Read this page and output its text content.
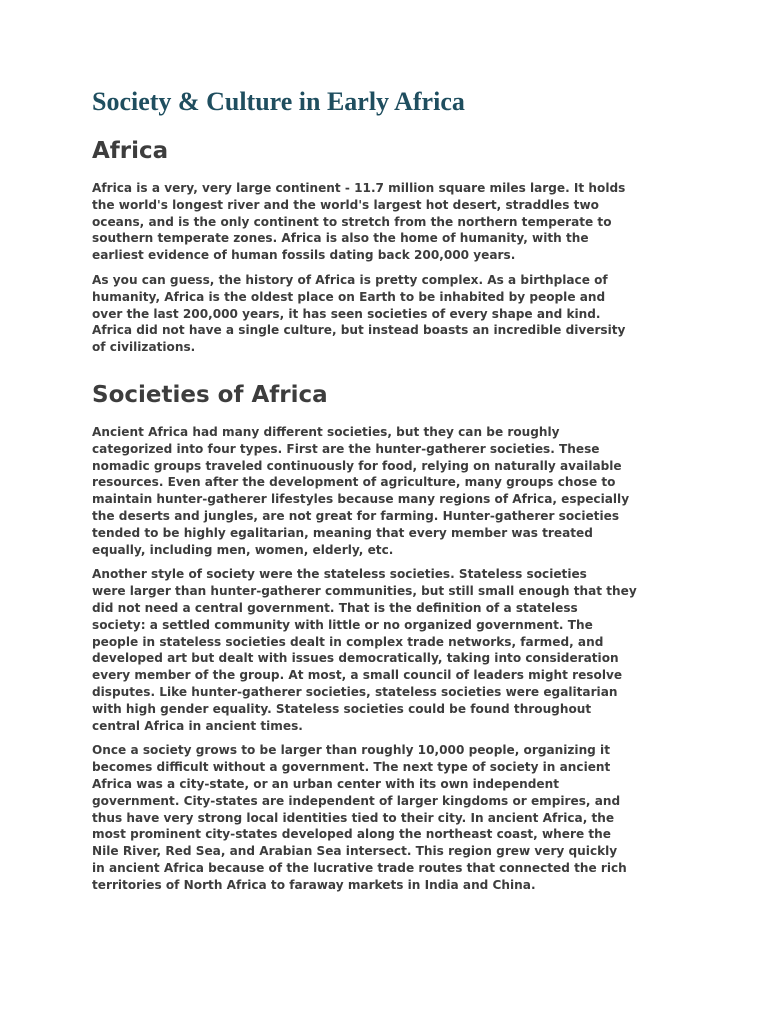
Society & Culture in Early Africa
Africa

Africa is a very, very large continent - 11.7 million square miles large. It holds
the world's longest river and the world's largest hot desert, straddles two
oceans, and is the only continent to stretch from the northern temperate to
southern temperate zones. Africa is also the home of humanity, with the
earliest evidence of human fossils dating back 200,000 years.

As you can guess, the history of Africa is pretty complex. As a birthplace of
humanity, Africa is the oldest place on Earth to be inhabited by people and
over the last 200,000 years, it has seen societies of every shape and kind.
Africa did not have a single culture, but instead boasts an incredible diversity
of civilizations.

Societies of Africa

Ancient Africa had many different societies, but they can be roughly
categorized into four types. First are the hunter-gatherer societies. These
nomadic groups traveled continuously for food, relying on naturally available
resources. Even after the development of agriculture, many groups chose to
maintain hunter-gatherer lifestyles because many regions of Africa, especially
the deserts and jungles, are not great for farming. Hunter-gatherer societies
tended to be highly egalitarian, meaning that every member was treated
equally, including men, women, elderly, etc.

Another style of society were the stateless societies. Stateless societies
were larger than hunter-gatherer communities, but still small enough that they
did not need a central government. That is the definition of a stateless
society: a settled community with little or no organized government. The
people in stateless societies dealt in complex trade networks, farmed, and
developed art but dealt with issues democratically, taking into consideration
every member of the group. At most, a small council of leaders might resolve
disputes. Like hunter-gatherer societies, stateless societies were egalitarian
with high gender equality. Stateless societies could be found throughout
central Africa in ancient times.

Once a society grows to be larger than roughly 10,000 people, organizing it
becomes difficult without a government. The next type of society in ancient
Africa was a city-state, or an urban center with its own independent
government. City-states are independent of larger kingdoms or empires, and
thus have very strong local identities tied to their city. In ancient Africa, the
most prominent city-states developed along the northeast coast, where the
Nile River, Red Sea, and Arabian Sea intersect. This region grew very quickly
in ancient Africa because of the lucrative trade routes that connected the rich
territories of North Africa to faraway markets in India and China.
